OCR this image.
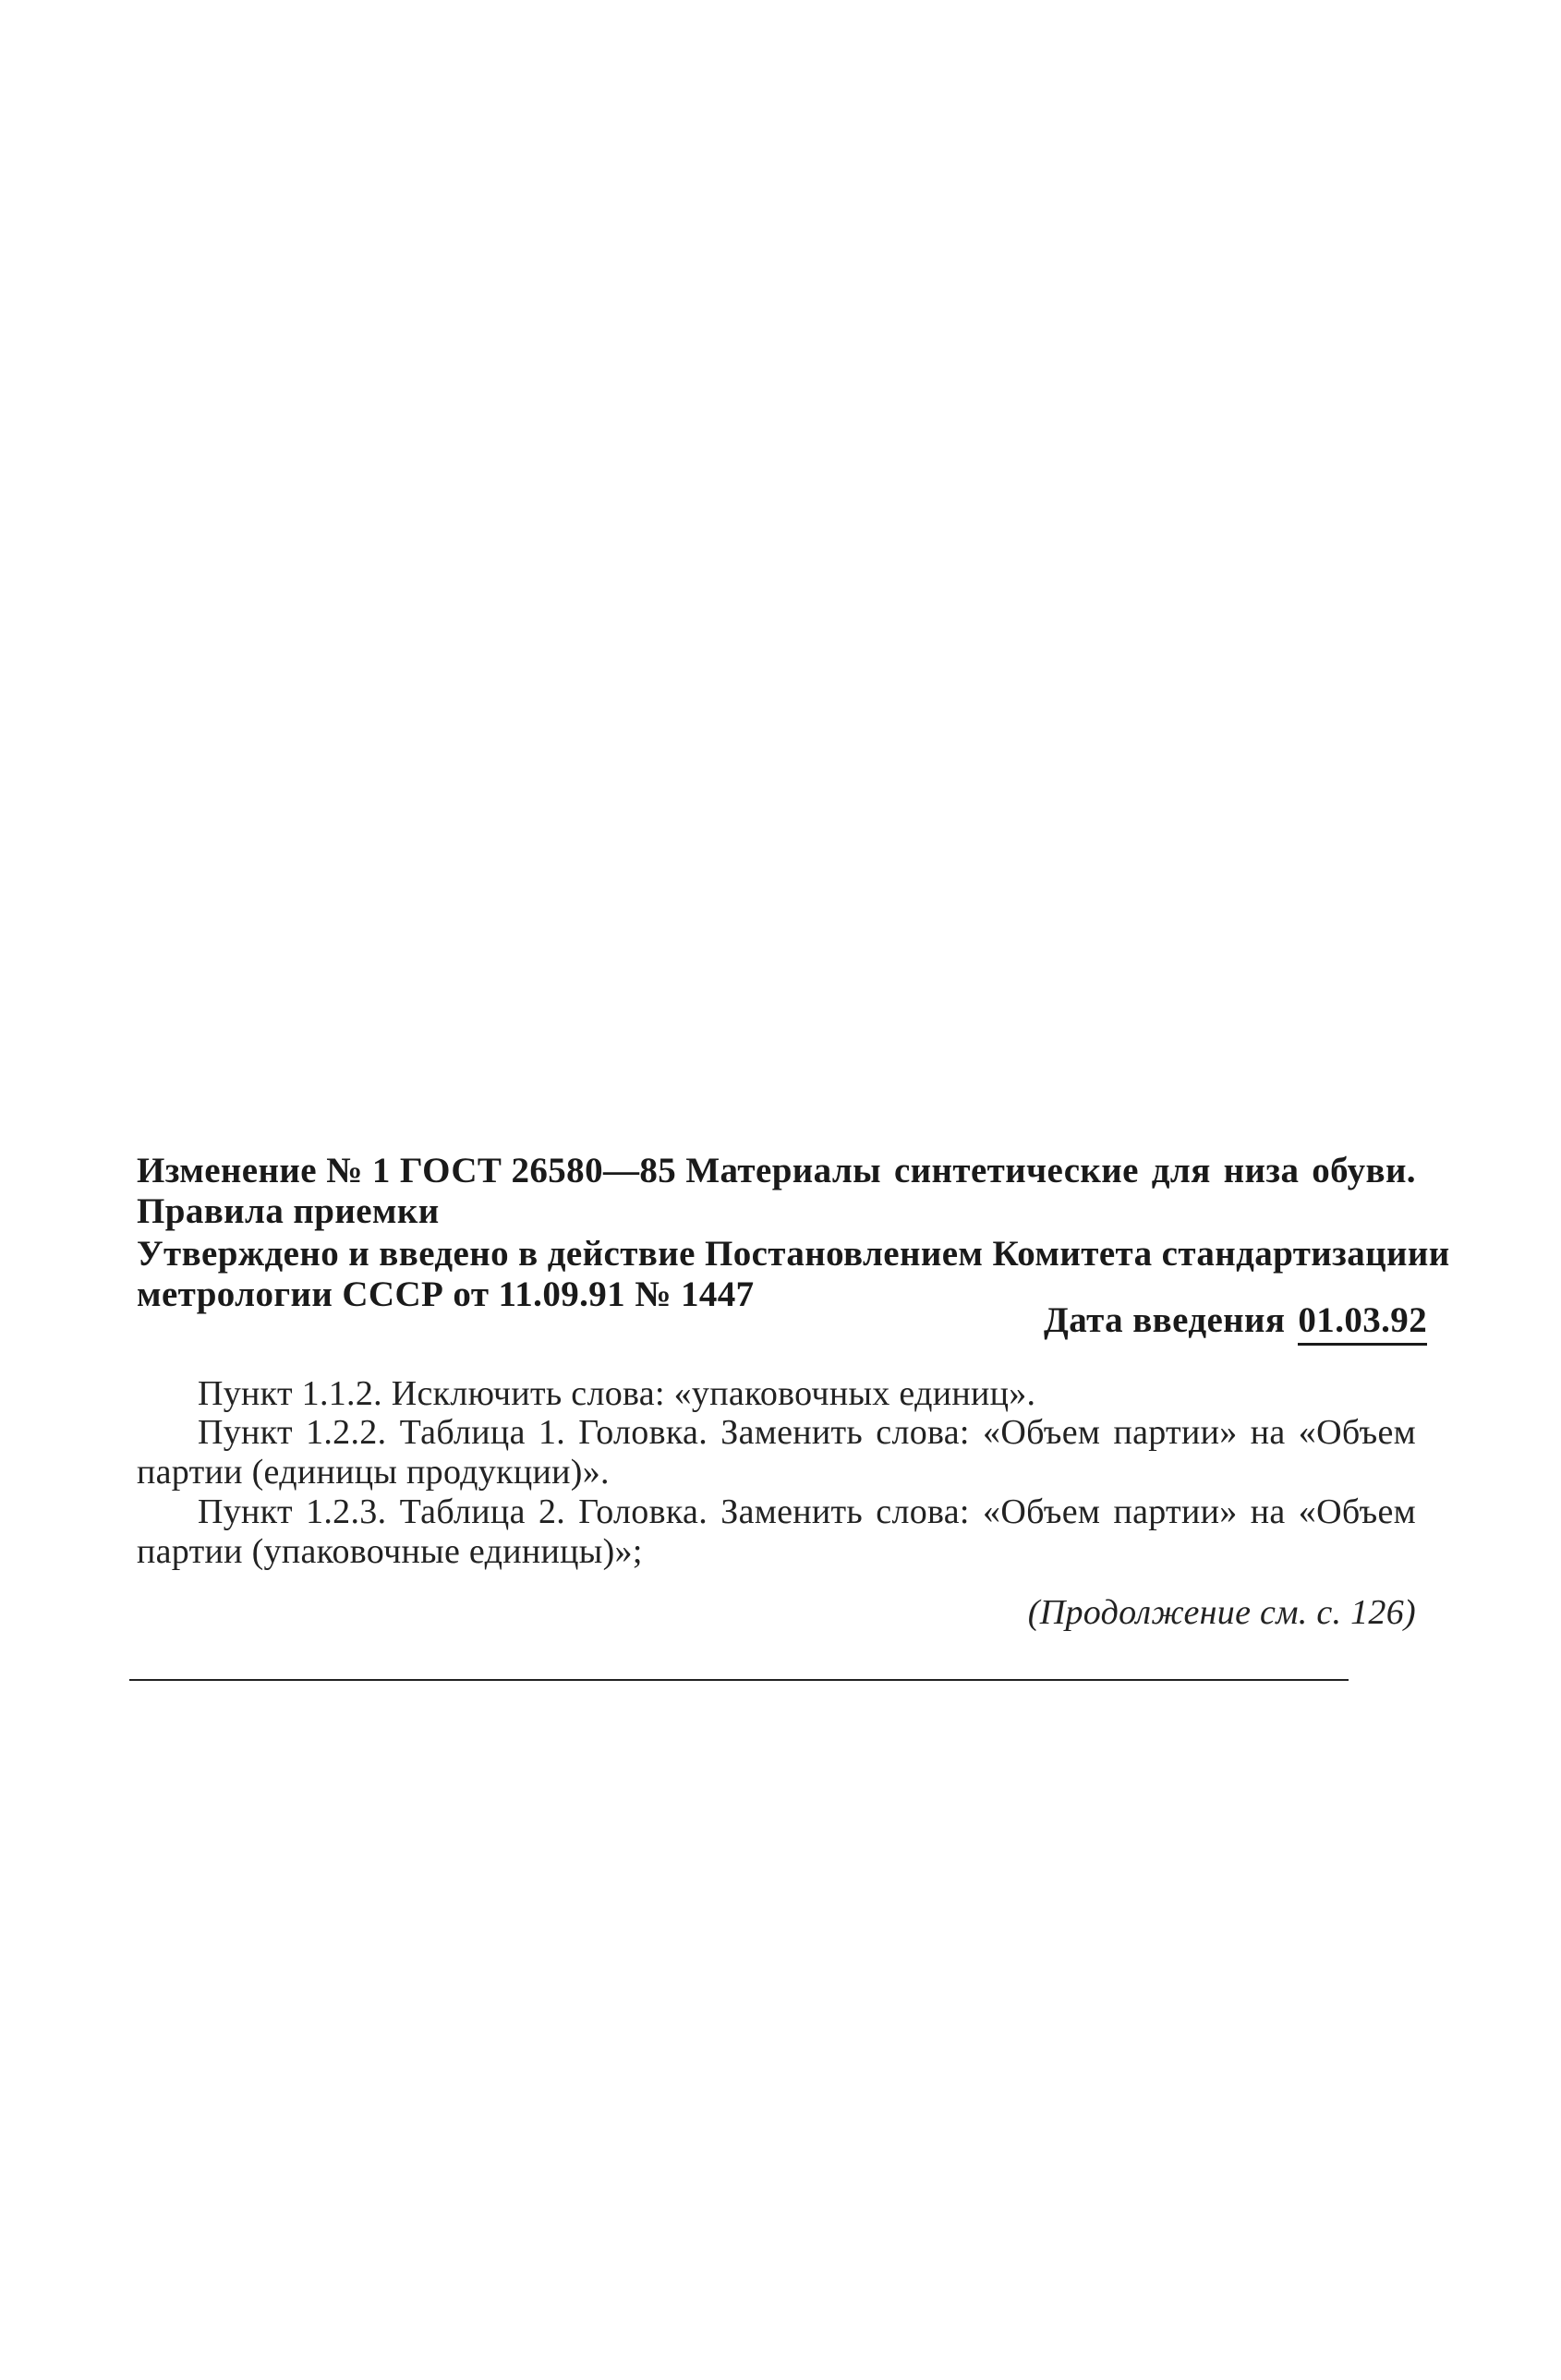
Изменение № 1 ГОСТ 26580—85 Материалы синтетические для низа обуви.
Правила приемки
Утверждено и введено в действие Постановлением Комитета стандартизации и
метрологии СССР от 11.09.91 № 1447
Дата введения 01.03.92
Пункт 1.1.2. Исключить слова: «упаковочных единиц».
Пункт 1.2.2. Таблица 1. Головка. Заменить слова: «Объем партии» на «Объем партии (единицы продукции)».
Пункт 1.2.3. Таблица 2. Головка. Заменить слова: «Объем партии» на «Объем партии (упаковочные единицы)»;
(Продолжение см. с. 126)
